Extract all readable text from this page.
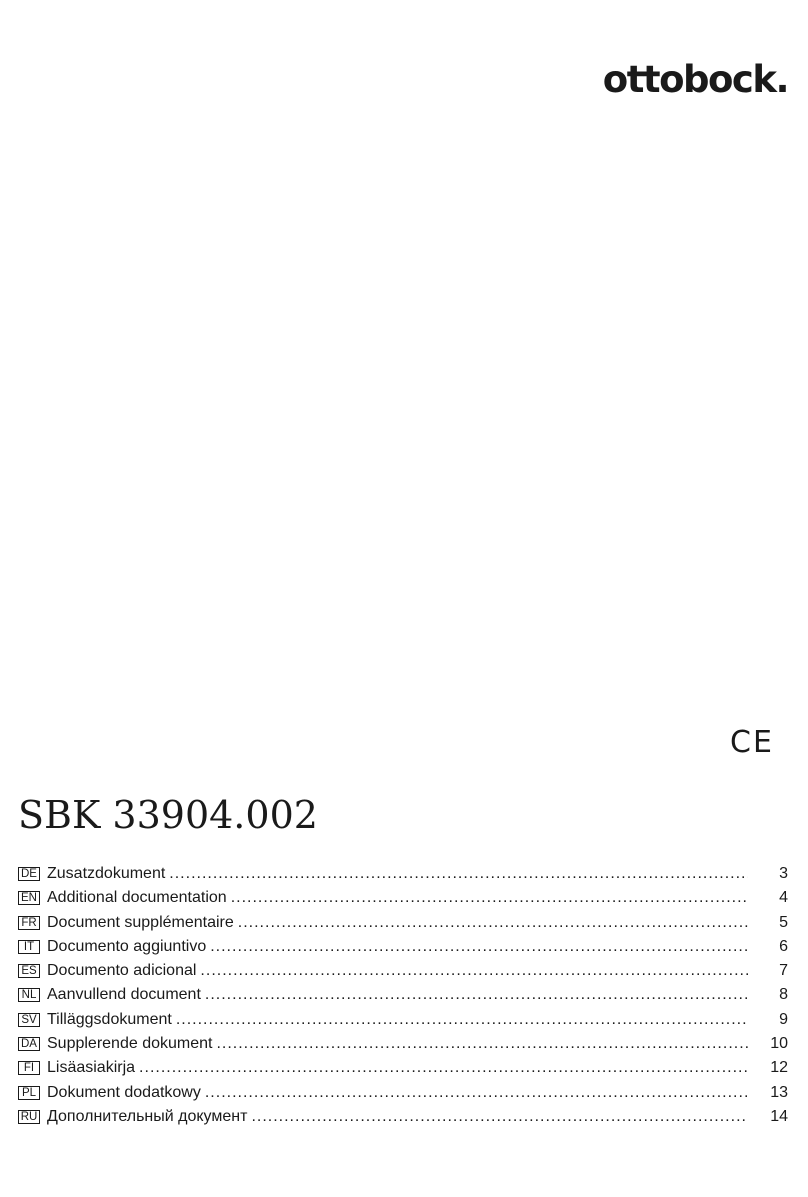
ottobock.
CE
SBK 33904.002
DE Zusatzdokument .....	3
EN Additional documentation .....	4
FR Document supplémentaire .....	5
IT Documento aggiuntivo .....	6
ES Documento adicional .....	7
NL Aanvullend document .....	8
SV Tilläggsdokument .....	9
DA Supplerende dokument .....	10
FI Lisäasiakirja .....	12
PL Dokument dodatkowy .....	13
RU Дополнительный документ .....	14
